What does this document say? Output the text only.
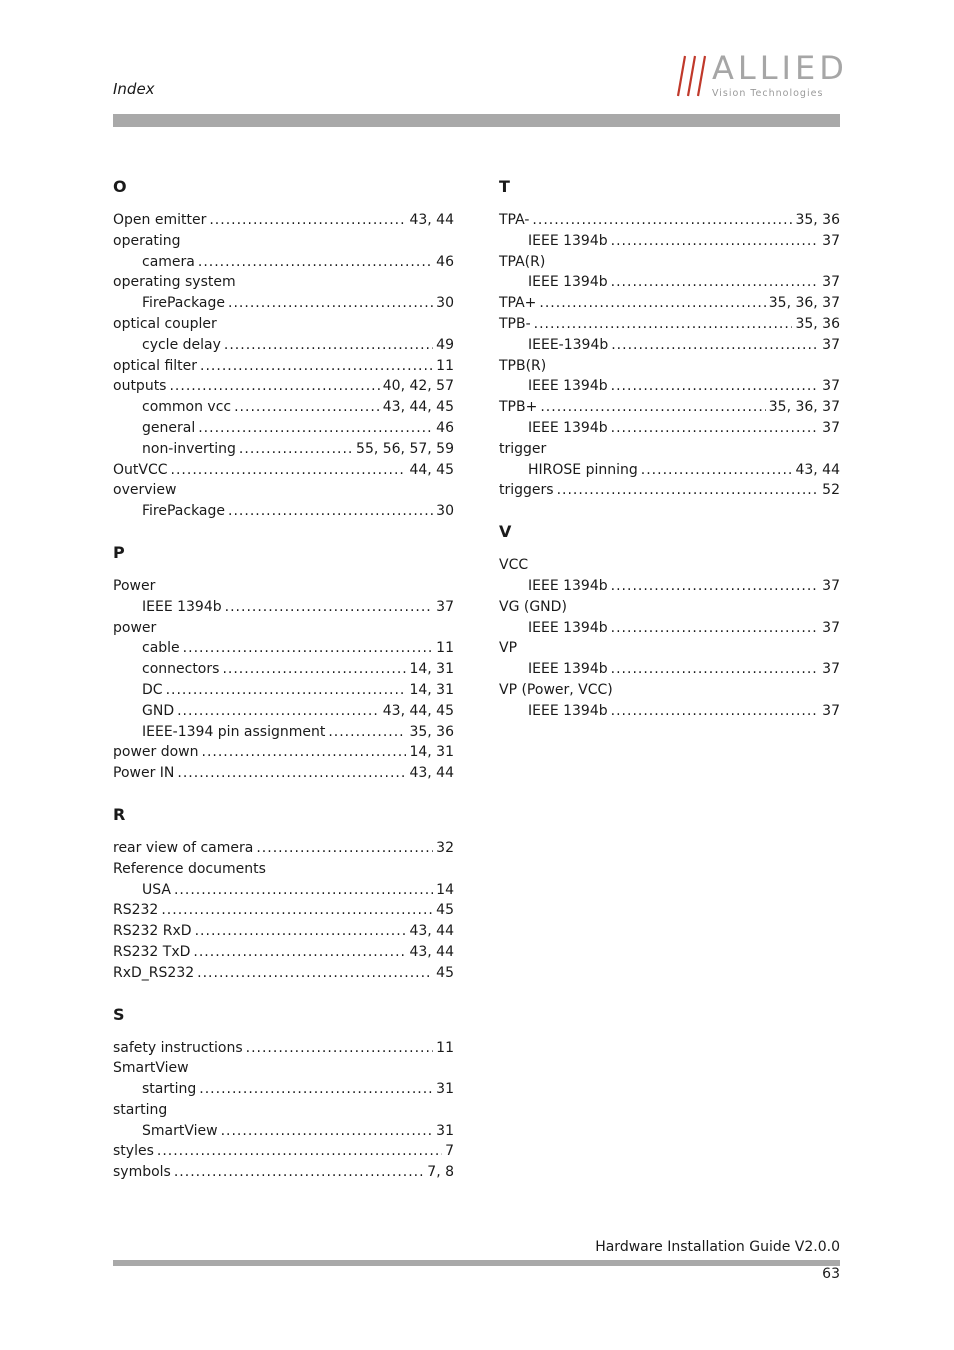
Index
ALLIED
Vision Technologies
O
Open emitter .....	43, 44
operating
camera .....	46
operating system
FirePackage .....	30
optical coupler
cycle delay .....	49
optical filter .....	11
outputs .....	40, 42, 57
common vcc .....	43, 44, 45
general .....	46
non-inverting .....	55, 56, 57, 59
OutVCC .....	44, 45
overview
FirePackage .....	30
P
Power
IEEE 1394b .....	37
power
cable .....	11
connectors .....	14, 31
DC .....	14, 31
GND .....	43, 44, 45
IEEE-1394 pin assignment .....	35, 36
power down .....	14, 31
Power IN .....	43, 44
R
rear view of camera .....	32
Reference documents
USA .....	14
RS232 .....	45
RS232 RxD .....	43, 44
RS232 TxD .....	43, 44
RxD_RS232 .....	45
S
safety instructions .....	11
SmartView
starting .....	31
starting
SmartView .....	31
styles .....	7
symbols .....	7, 8
T
TPA- .....	35, 36
IEEE 1394b .....	37
TPA(R)
IEEE 1394b .....	37
TPA+ .....	35, 36, 37
TPB- .....	35, 36
IEEE-1394b .....	37
TPB(R)
IEEE 1394b .....	37
TPB+ .....	35, 36, 37
IEEE 1394b .....	37
trigger
HIROSE pinning .....	43, 44
triggers .....	52
V
VCC
IEEE 1394b .....	37
VG (GND)
IEEE 1394b .....	37
VP
IEEE 1394b .....	37
VP (Power, VCC)
IEEE 1394b .....	37
Hardware Installation Guide V2.0.0
63
